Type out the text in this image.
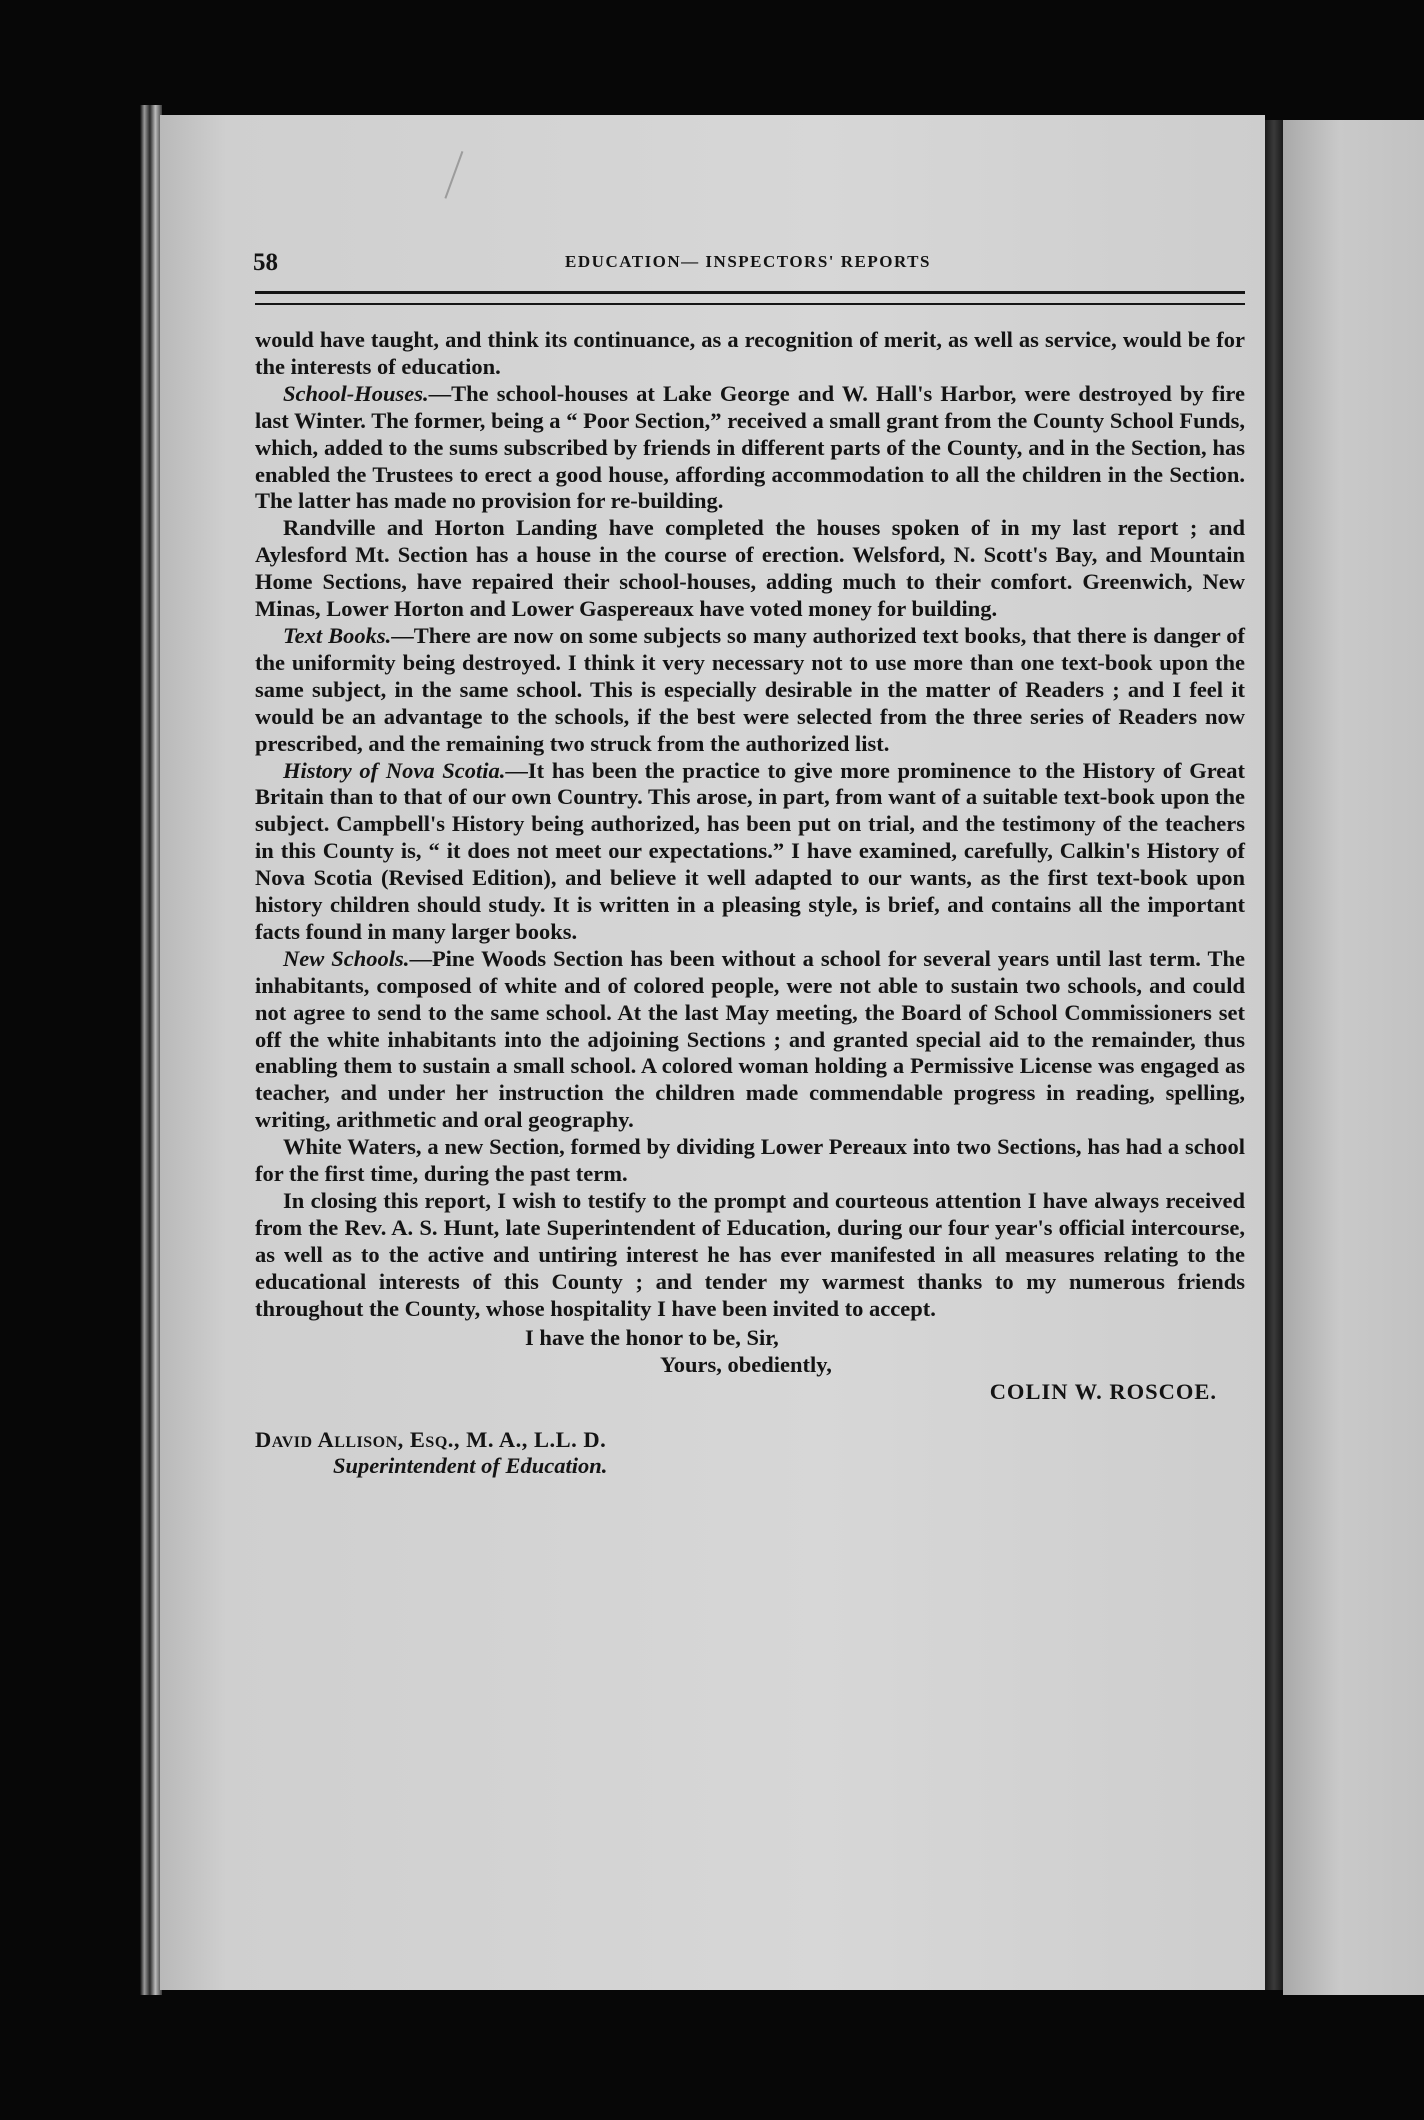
58	EDUCATION— INSPECTORS' REPORTS

would have taught, and think its continuance, as a recognition of merit, as well as service, would be for the interests of education.

School-Houses.—The school-houses at Lake George and W. Hall's Harbor, were destroyed by fire last Winter. The former, being a “ Poor Section,” received a small grant from the County School Funds, which, added to the sums subscribed by friends in different parts of the County, and in the Section, has enabled the Trustees to erect a good house, affording accommodation to all the children in the Section. The latter has made no provision for re-building.

Randville and Horton Landing have completed the houses spoken of in my last report ; and Aylesford Mt. Section has a house in the course of erection. Welsford, N. Scott's Bay, and Mountain Home Sections, have repaired their school-houses, adding much to their comfort. Greenwich, New Minas, Lower Horton and Lower Gaspereaux have voted money for building.

Text Books.—There are now on some subjects so many authorized text books, that there is danger of the uniformity being destroyed. I think it very necessary not to use more than one text-book upon the same subject, in the same school. This is especially desirable in the matter of Readers ; and I feel it would be an advantage to the schools, if the best were selected from the three series of Readers now prescribed, and the remaining two struck from the authorized list.

History of Nova Scotia.—It has been the practice to give more prominence to the History of Great Britain than to that of our own Country. This arose, in part, from want of a suitable text-book upon the subject. Campbell's History being authorized, has been put on trial, and the testimony of the teachers in this County is, “ it does not meet our expectations.” I have examined, carefully, Calkin's History of Nova Scotia (Revised Edition), and believe it well adapted to our wants, as the first text-book upon history children should study. It is written in a pleasing style, is brief, and contains all the important facts found in many larger books.

New Schools.—Pine Woods Section has been without a school for several years until last term. The inhabitants, composed of white and of colored people, were not able to sustain two schools, and could not agree to send to the same school. At the last May meeting, the Board of School Commissioners set off the white inhabitants into the adjoining Sections ; and granted special aid to the remainder, thus enabling them to sustain a small school. A colored woman holding a Permissive License was engaged as teacher, and under her instruction the children made commendable progress in reading, spelling, writing, arithmetic and oral geography.

White Waters, a new Section, formed by dividing Lower Pereaux into two Sections, has had a school for the first time, during the past term.

In closing this report, I wish to testify to the prompt and courteous attention I have always received from the Rev. A. S. Hunt, late Superintendent of Education, during our four year's official intercourse, as well as to the active and untiring interest he has ever manifested in all measures relating to the educational interests of this County ; and tender my warmest thanks to my numerous friends throughout the County, whose hospitality I have been invited to accept.

I have the honor to be, Sir,
Yours, obediently,
COLIN W. ROSCOE.
David Allison, Esq., M. A., L.L. D.
Superintendent of Education.
